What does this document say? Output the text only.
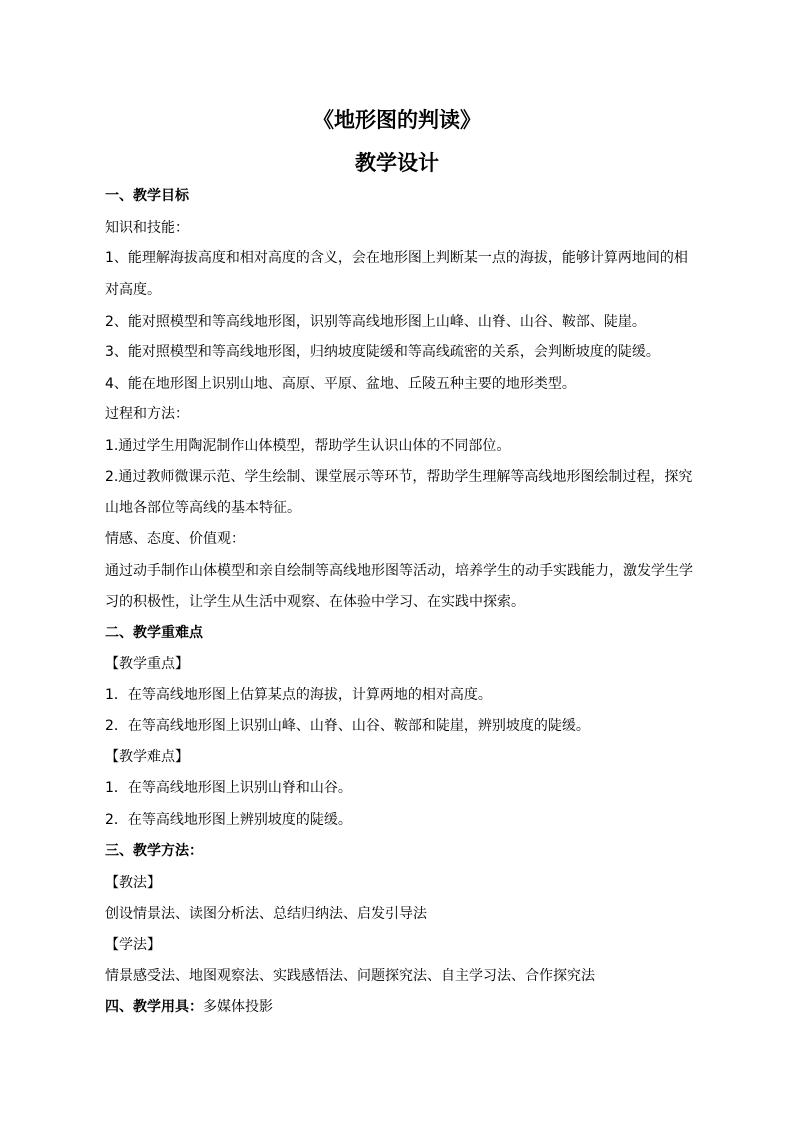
《地形图的判读》
教学设计
一、教学目标
知识和技能：
1、能理解海拔高度和相对高度的含义，会在地形图上判断某一点的海拔，能够计算两地间的相
对高度。
2、能对照模型和等高线地形图，识别等高线地形图上山峰、山脊、山谷、鞍部、陡崖。
3、能对照模型和等高线地形图，归纳坡度陡缓和等高线疏密的关系，会判断坡度的陡缓。
4、能在地形图上识别山地、高原、平原、盆地、丘陵五种主要的地形类型。
过程和方法：
1.通过学生用陶泥制作山体模型，帮助学生认识山体的不同部位。
2.通过教师微课示范、学生绘制、课堂展示等环节，帮助学生理解等高线地形图绘制过程，探究
山地各部位等高线的基本特征。
情感、态度、价值观：
通过动手制作山体模型和亲自绘制等高线地形图等活动，培养学生的动手实践能力，激发学生学
习的积极性，让学生从生活中观察、在体验中学习、在实践中探索。
二、教学重难点
【教学重点】
1．在等高线地形图上估算某点的海拔，计算两地的相对高度。
2．在等高线地形图上识别山峰、山脊、山谷、鞍部和陡崖，辨别坡度的陡缓。
【教学难点】
1．在等高线地形图上识别山脊和山谷。
2．在等高线地形图上辨别坡度的陡缓。
三、教学方法：
【教法】
创设情景法、读图分析法、总结归纳法、启发引导法
【学法】
情景感受法、地图观察法、实践感悟法、问题探究法、自主学习法、合作探究法
四、教学用具：多媒体投影
